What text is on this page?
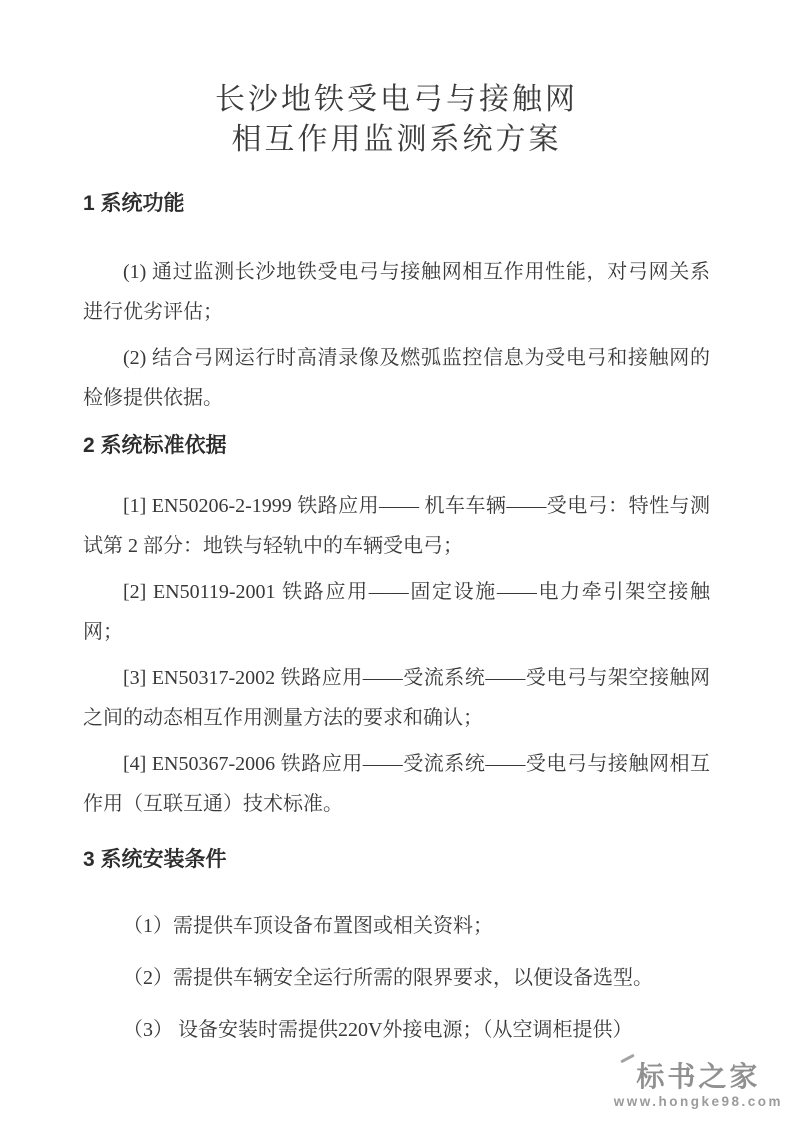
长沙地铁受电弓与接触网
相互作用监测系统方案
1 系统功能

(1) 通过监测长沙地铁受电弓与接触网相互作用性能，对弓网关系进行优劣评估；

(2) 结合弓网运行时高清录像及燃弧监控信息为受电弓和接触网的检修提供依据。

2 系统标准依据

[1] EN50206-2-1999 铁路应用—— 机车车辆——受电弓：特性与测试第 2 部分：地铁与轻轨中的车辆受电弓；

[2] EN50119-2001 铁路应用——固定设施——电力牵引架空接触网；

[3] EN50317-2002 铁路应用——受流系统——受电弓与架空接触网之间的动态相互作用测量方法的要求和确认；

[4] EN50367-2006 铁路应用——受流系统——受电弓与接触网相互作用（互联互通）技术标准。

3 系统安装条件

（1）需提供车顶设备布置图或相关资料；

（2）需提供车辆安全运行所需的限界要求，以便设备选型。

（3） 设备安装时需提供220V外接电源；（从空调柜提供）

标书之家
www.hongke98.com
